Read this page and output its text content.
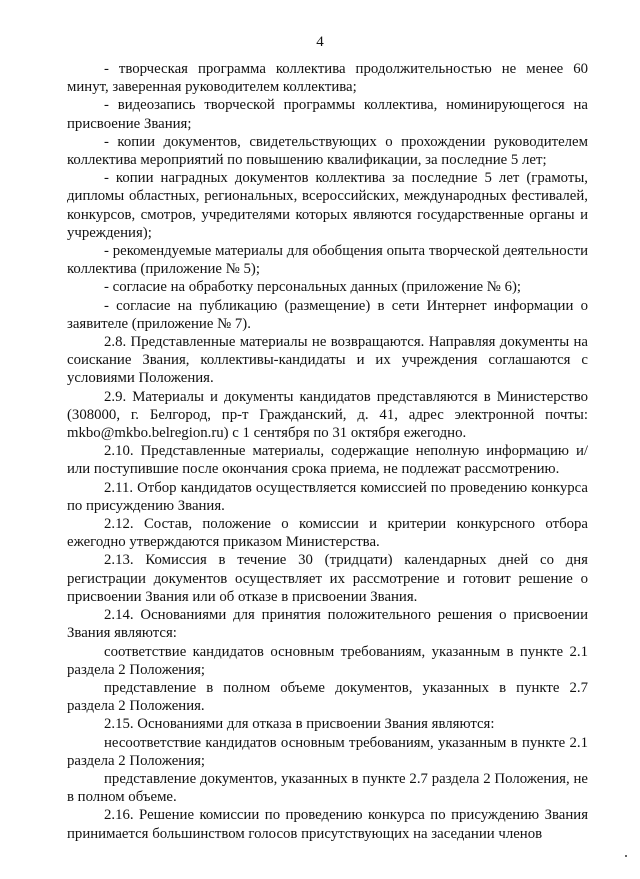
4

- творческая программа коллектива продолжительностью не менее 60 минут, заверенная руководителем коллектива;

- видеозапись творческой программы коллектива, номинирующегося на присвоение Звания;

- копии документов, свидетельствующих о прохождении руководителем коллектива мероприятий по повышению квалификации, за последние 5 лет;

- копии наградных документов коллектива за последние 5 лет (грамоты, дипломы областных, региональных, всероссийских, международных фестивалей, конкурсов, смотров, учредителями которых являются государственные органы и учреждения);

- рекомендуемые материалы для обобщения опыта творческой деятельности коллектива (приложение № 5);

- согласие на обработку персональных данных (приложение № 6);

- согласие на публикацию (размещение) в сети Интернет информации о заявителе (приложение № 7).

2.8. Представленные материалы не возвращаются. Направляя документы на соискание Звания, коллективы-кандидаты и их учреждения соглашаются с условиями Положения.

2.9. Материалы и документы кандидатов представляются в Министерство (308000, г. Белгород, пр-т Гражданский, д. 41, адрес электронной почты: mkbo@mkbo.belregion.ru) с 1 сентября по 31 октября ежегодно.

2.10. Представленные материалы, содержащие неполную информацию и/или поступившие после окончания срока приема, не подлежат рассмотрению.

2.11. Отбор кандидатов осуществляется комиссией по проведению конкурса по присуждению Звания.

2.12. Состав, положение о комиссии и критерии конкурсного отбора ежегодно утверждаются приказом Министерства.

2.13. Комиссия в течение 30 (тридцати) календарных дней со дня регистрации документов осуществляет их рассмотрение и готовит решение о присвоении Звания или об отказе в присвоении Звания.

2.14. Основаниями для принятия положительного решения о присвоении Звания являются:

соответствие кандидатов основным требованиям, указанным в пункте 2.1 раздела 2 Положения;

представление в полном объеме документов, указанных в пункте 2.7 раздела 2 Положения.

2.15. Основаниями для отказа в присвоении Звания являются:

несоответствие кандидатов основным требованиям, указанным в пункте 2.1 раздела 2 Положения;

представление документов, указанных в пункте 2.7 раздела 2 Положения, не в полном объеме.

2.16. Решение комиссии по проведению конкурса по присуждению Звания принимается большинством голосов присутствующих на заседании членов
